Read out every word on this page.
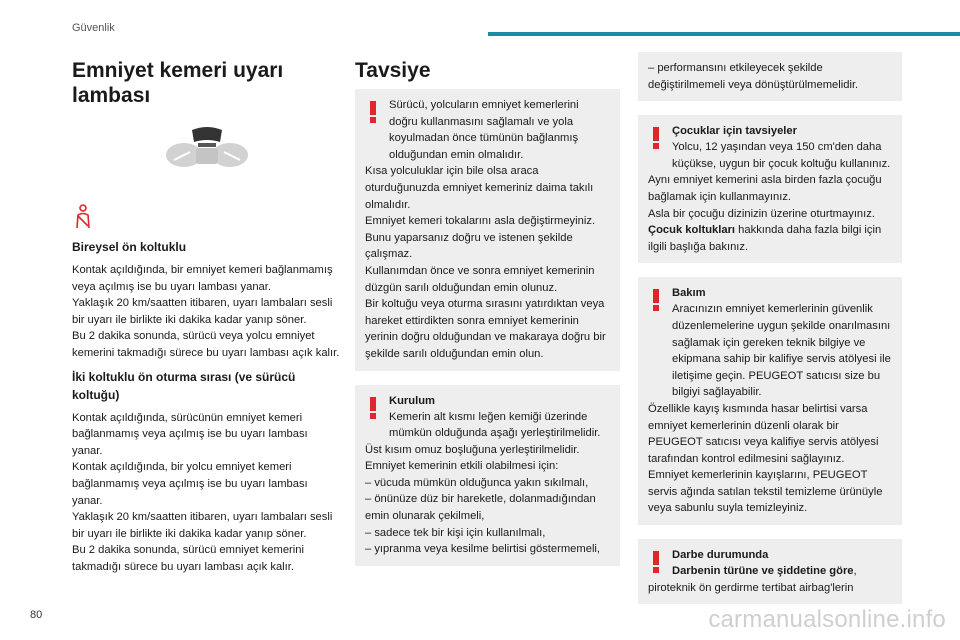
Güvenlik
Emniyet kemeri uyarı lambası

Bireysel ön koltuklu

Kontak açıldığında, bir emniyet kemeri bağlanmamış veya açılmış ise bu uyarı lambası yanar.

Yaklaşık 20 km/saatten itibaren, uyarı lambaları sesli bir uyarı ile birlikte iki dakika kadar yanıp söner.

Bu 2 dakika sonunda, sürücü veya yolcu emniyet kemerini takmadığı sürece bu uyarı lambası açık kalır.

İki koltuklu ön oturma sırası (ve sürücü koltuğu)

Kontak açıldığında, sürücünün emniyet kemeri bağlanmamış veya açılmış ise bu uyarı lambası yanar.

Kontak açıldığında, bir yolcu emniyet kemeri bağlanmamış veya açılmış ise bu uyarı lambası yanar.

Yaklaşık 20 km/saatten itibaren, uyarı lambaları sesli bir uyarı ile birlikte iki dakika kadar yanıp söner.

Bu 2 dakika sonunda, sürücü emniyet kemerini takmadığı sürece bu uyarı lambası açık kalır.

Tavsiye

Sürücü, yolcuların emniyet kemerlerini doğru kullanmasını sağlamalı ve yola koyulmadan önce tümünün bağlanmış olduğundan emin olmalıdır.

Kısa yolculuklar için bile olsa araca oturduğunuzda emniyet kemeriniz daima takılı olmalıdır.

Emniyet kemeri tokalarını asla değiştirmeyiniz. Bunu yaparsanız doğru ve istenen şekilde çalışmaz.

Kullanımdan önce ve sonra emniyet kemerinin düzgün sarılı olduğundan emin olunuz.

Bir koltuğu veya oturma sırasını yatırdıktan veya hareket ettirdikten sonra emniyet kemerinin yerinin doğru olduğundan ve makaraya doğru bir şekilde sarılı olduğundan emin olun.

Kurulum

Kemerin alt kısmı leğen kemiği üzerinde mümkün olduğunda aşağı yerleştirilmelidir.

Üst kısım omuz boşluğuna yerleştirilmelidir.

Emniyet kemerinin etkili olabilmesi için:

– vücuda mümkün olduğunca yakın sıkılmalı,

– önünüze düz bir hareketle, dolanmadığından emin olunarak çekilmeli,

– sadece tek bir kişi için kullanılmalı,

– yıpranma veya kesilme belirtisi göstermemeli,

– performansını etkileyecek şekilde değiştirilmemeli veya dönüştürülmemelidir.

Çocuklar için tavsiyeler

Yolcu, 12 yaşından veya 150 cm'den daha küçükse, uygun bir çocuk koltuğu kullanınız.

Aynı emniyet kemerini asla birden fazla çocuğu bağlamak için kullanmayınız.

Asla bir çocuğu dizinizin üzerine oturtmayınız.

Çocuk koltukları hakkında daha fazla bilgi için ilgili başlığa bakınız.

Bakım

Aracınızın emniyet kemerlerinin güvenlik düzenlemelerine uygun şekilde onarılmasını sağlamak için gereken teknik bilgiye ve ekipmana sahip bir kalifiye servis atölyesi ile iletişime geçin. PEUGEOT satıcısı size bu bilgiyi sağlayabilir.

Özellikle kayış kısmında hasar belirtisi varsa emniyet kemerlerinin düzenli olarak bir PEUGEOT satıcısı veya kalifiye servis atölyesi tarafından kontrol edilmesini sağlayınız.

Emniyet kemerlerinin kayışlarını, PEUGEOT servis ağında satılan tekstil temizleme ürünüyle veya sabunlu suyla temizleyiniz.

Darbe durumunda

Darbenin türüne ve şiddetine göre,

piroteknik ön gerdirme tertibat airbag'lerin

80	carmanualsonline.info
